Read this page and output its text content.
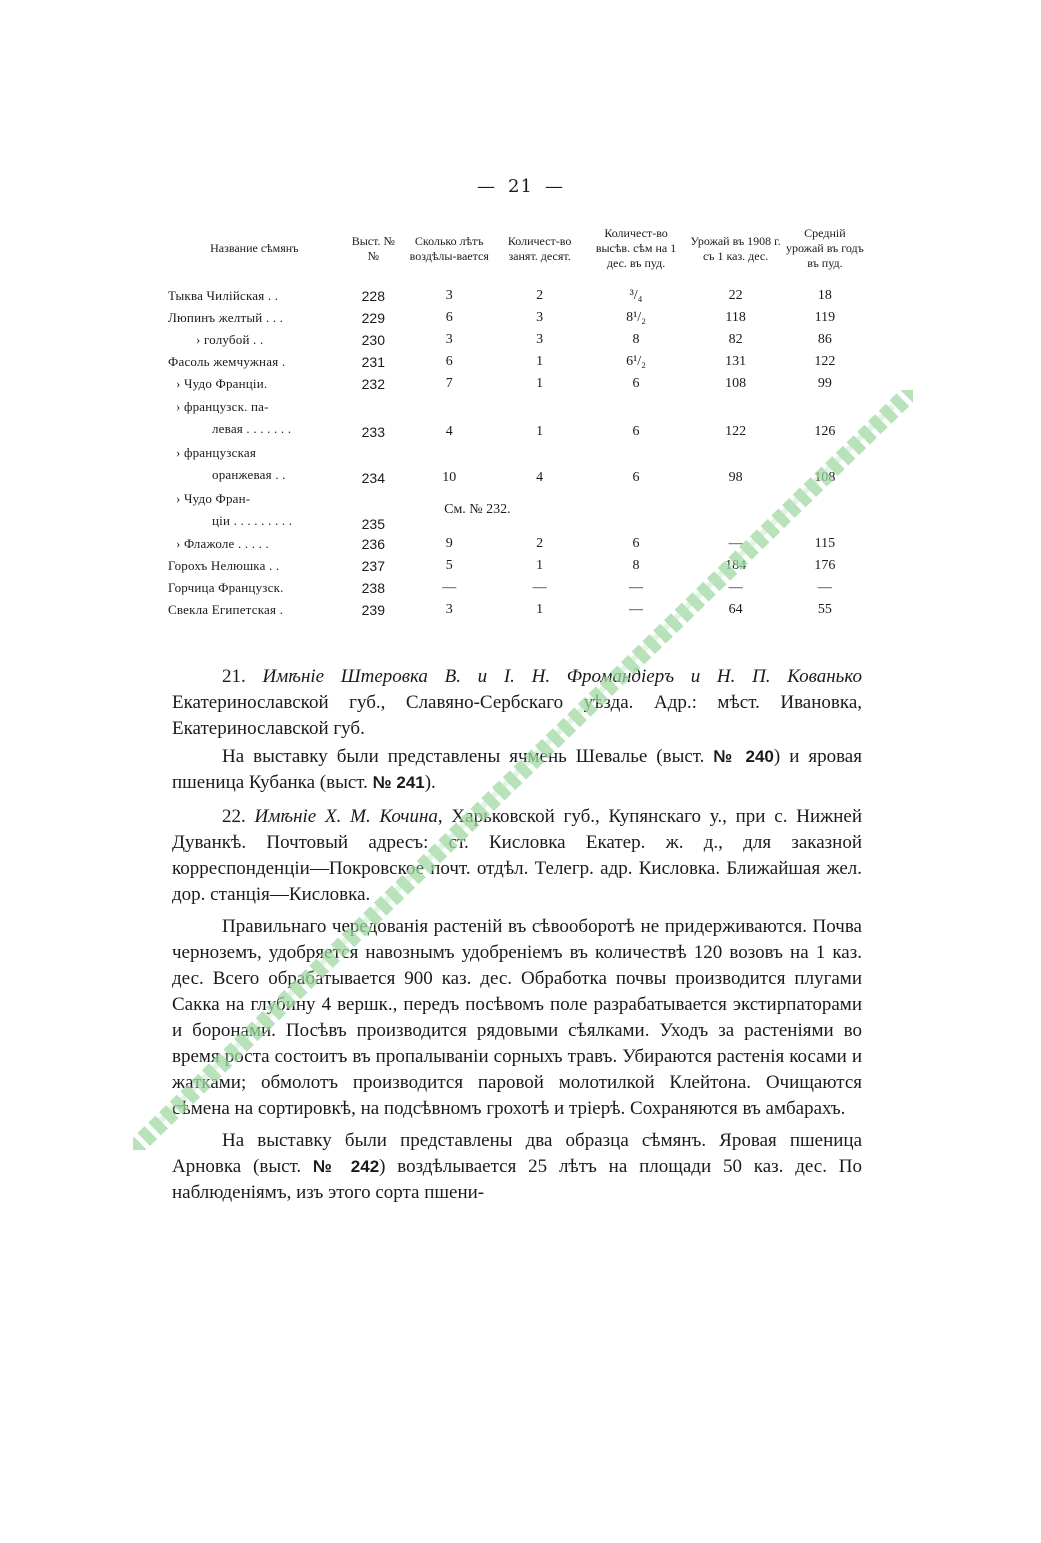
— 21 —
Название сѣмянъ	Выст. № №	Сколько лѣтъ воздѣлы-вается	Количест-во занят. десят.	Количест-во высѣв. сѣм на 1 дес. въ пуд.	Урожай въ 1908 г. съ 1 каз. дес.	Средній урожай въ годъ въ пуд.
Тыква Чилійская . .	228	3	2	³/₄	22	18
Люпинъ желтый . . .	229	6	3	8¹/₂	118	119
› голубой . .	230	3	3	8	82	86
Фасоль жемчужная .	231	6	1	6¹/₂	131	122
› Чудо Франціи.	232	7	1	6	108	99

› французск. па-
левая . . . . . . .	233	4	1	6	122	126

› французская
оранжевая . .	234	10	4	6	98	108

› Чудо Фран-
ціи . . . . . . . . .	235	См. № 232.				
› Флажоле . . . . .	236	9	2	6	—	115
Горохъ Нелюшка . .	237	5	1	8	184	176
Горчица Французск.	238	—	—	—	—	—
Свекла Египетская .	239	3	1	—	64	55

21. Имѣніе Штеровка В. и І. Н. Фромандіеръ и Н. П. Кованько Екатеринославской губ., Славяно-Сербскаго уѣзда. Адр.: мѣст. Ивановка, Екатеринославской губ.

На выставку были представлены ячмень Шевалье (выст. № 240) и яровая пшеница Кубанка (выст. № 241).

22. Имѣніе Х. М. Кочина, Харьковской губ., Купянскаго у., при с. Нижней Дуванкѣ. Почтовый адресъ: ст. Кисловка Екатер. ж. д., для заказной корреспонденціи—Покровское почт. отдѣл. Телегр. адр. Кисловка. Ближайшая жел. дор. станція—Кисловка.

Правильнаго чередованія растеній въ сѣвооборотѣ не придерживаются. Почва черноземъ, удобряется навознымъ удобреніемъ въ количествѣ 120 возовъ на 1 каз. дес. Всего обрабатывается 900 каз. дес. Обработка почвы производится плугами Сакка на глубину 4 вершк., передъ посѣвомъ поле разрабатывается экстирпаторами и боронами. Посѣвъ производится рядовыми сѣялками. Уходъ за растеніями во время роста состоитъ въ пропалываніи сорныхъ травъ. Убираются растенія косами и жатками; обмолотъ производится паровой молотилкой Клейтона. Очищаются сѣмена на сортировкѣ, на подсѣвномъ грохотѣ и тріерѣ. Сохраняются въ амбарахъ.

На выставку были представлены два образца сѣмянъ. Яровая пшеница Арновка (выст. № 242) воздѣлывается 25 лѣтъ на площади 50 каз. дес. По наблюденіямъ, изъ этого сорта пшени-
